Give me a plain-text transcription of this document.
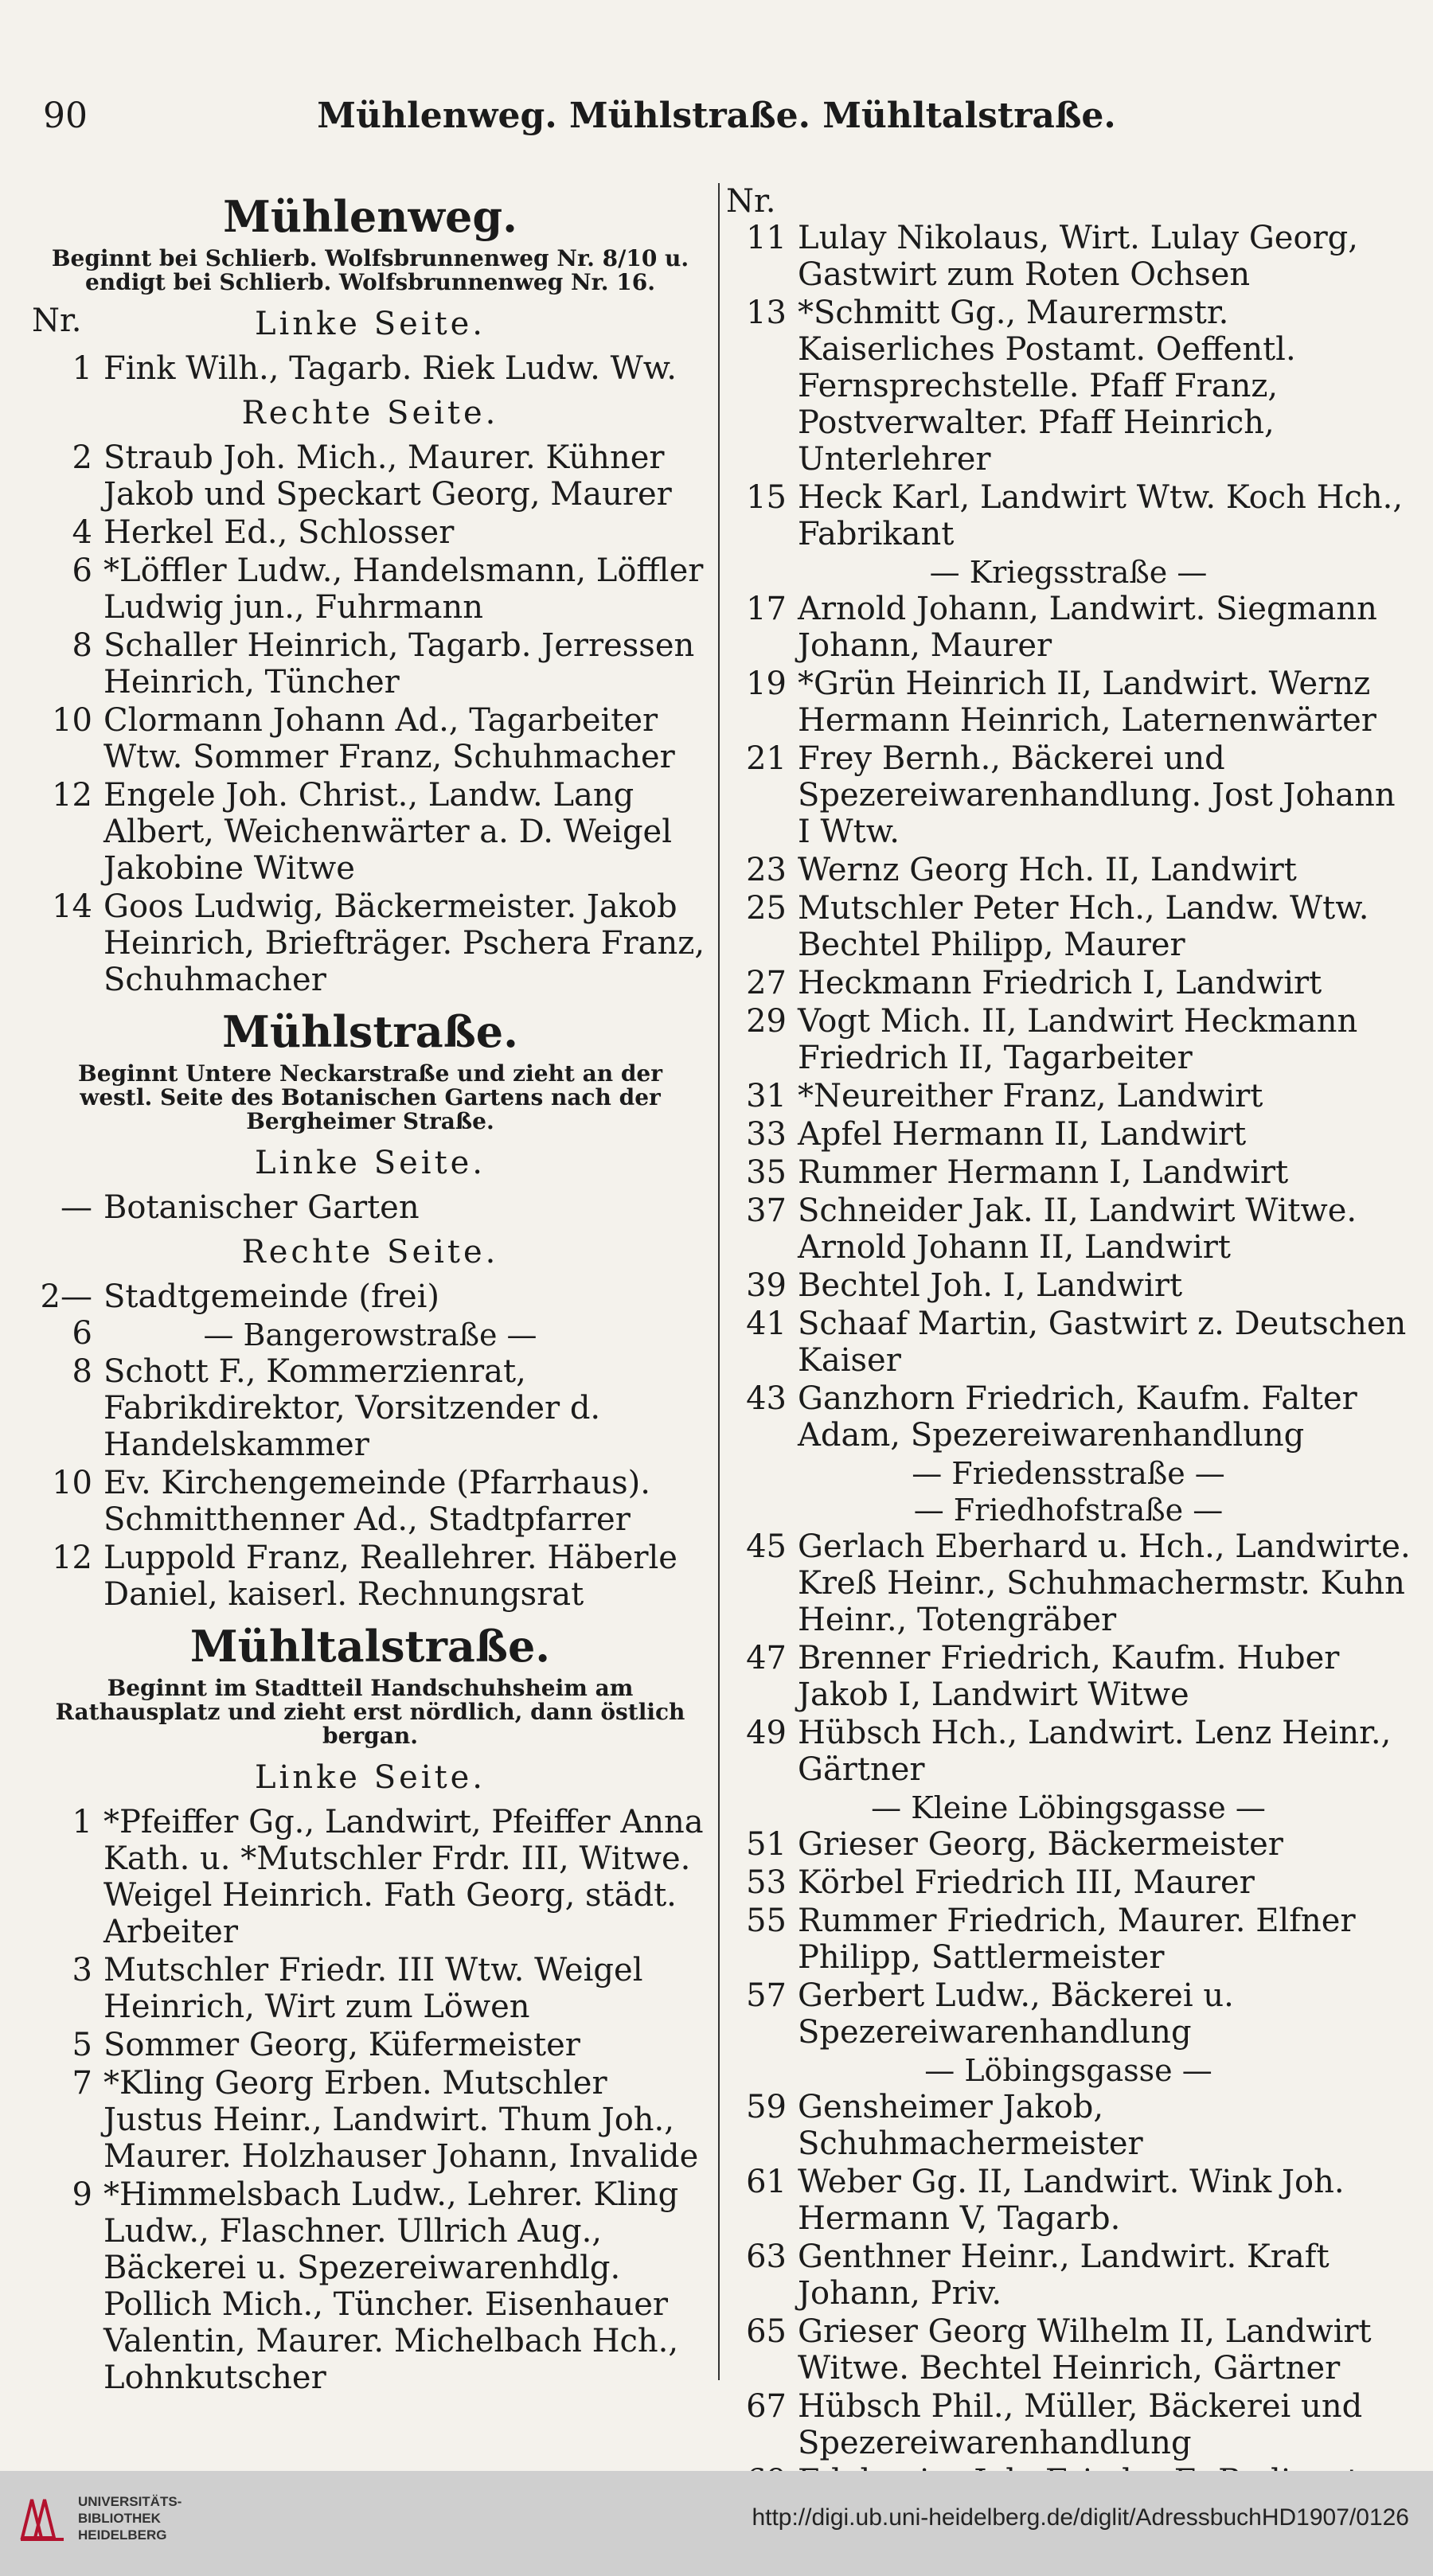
90	Mühlenweg. Mühlstraße. Mühltalstraße.
Mühlenweg.
Beginnt bei Schlierb. Wolfsbrunnenweg Nr. 8/10 u. endigt bei Schlierb. Wolfsbrunnenweg Nr. 16.
Nr.	Linke Seite.
1 Fink Wilh., Tagarb. Riek Ludw. Ww.
Rechte Seite.
2 Straub Joh. Mich., Maurer. Kühner Jakob und Speckart Georg, Maurer
4 Herkel Ed., Schlosser
6 *Löffler Ludw., Handelsmann, Löffler Ludwig jun., Fuhrmann
8 Schaller Heinrich, Tagarb. Jerressen Heinrich, Tüncher
10 Clormann Johann Ad., Tagarbeiter Wtw. Sommer Franz, Schuhmacher
12 Engele Joh. Christ., Landw. Lang Albert, Weichenwärter a. D. Weigel Jakobine Witwe
14 Goos Ludwig, Bäckermeister. Jakob Heinrich, Briefträger. Pschera Franz, Schuhmacher
Mühlstraße.
Beginnt Untere Neckarstraße und zieht an der westl. Seite des Botanischen Gartens nach der Bergheimer Straße.
Linke Seite.
— Botanischer Garten
Rechte Seite.
2—6
Stadtgemeinde (frei)
— Bangerowstraße —
8 Schott F., Kommerzienrat, Fabrikdirektor, Vorsitzender d. Handelskammer
10 Ev. Kirchengemeinde (Pfarrhaus). Schmitthenner Ad., Stadtpfarrer
12 Luppold Franz, Reallehrer. Häberle Daniel, kaiserl. Rechnungsrat
Mühltalstraße.
Beginnt im Stadtteil Handschuhsheim am Rathausplatz und zieht erst nördlich, dann östlich bergan.
Linke Seite.
1 *Pfeiffer Gg., Landwirt, Pfeiffer Anna Kath. u. *Mutschler Frdr. III, Witwe. Weigel Heinrich. Fath Georg, städt. Arbeiter
3 Mutschler Friedr. III Wtw. Weigel Heinrich, Wirt zum Löwen
5 Sommer Georg, Küfermeister
7 *Kling Georg Erben. Mutschler Justus Heinr., Landwirt. Thum Joh., Maurer. Holzhauser Johann, Invalide
9 *Himmelsbach Ludw., Lehrer. Kling Ludw., Flaschner. Ullrich Aug., Bäckerei u. Spezereiwarenhdlg. Pollich Mich., Tüncher. Eisenhauer Valentin, Maurer. Michelbach Hch., Lohnkutscher
Nr.
11 Lulay Nikolaus, Wirt. Lulay Georg, Gastwirt zum Roten Ochsen
13 *Schmitt Gg., Maurermstr. Kaiserliches Postamt. Oeffentl. Fernsprechstelle. Pfaff Franz, Postverwalter. Pfaff Heinrich, Unterlehrer
15 Heck Karl, Landwirt Wtw. Koch Hch., Fabrikant
— Kriegsstraße —
17 Arnold Johann, Landwirt. Siegmann Johann, Maurer
19 *Grün Heinrich II, Landwirt. Wernz Hermann Heinrich, Laternenwärter
21 Frey Bernh., Bäckerei und Spezereiwarenhandlung. Jost Johann I Wtw.
23 Wernz Georg Hch. II, Landwirt
25 Mutschler Peter Hch., Landw. Wtw. Bechtel Philipp, Maurer
27 Heckmann Friedrich I, Landwirt
29 Vogt Mich. II, Landwirt Heckmann Friedrich II, Tagarbeiter
31 *Neureither Franz, Landwirt
33 Apfel Hermann II, Landwirt
35 Rummer Hermann I, Landwirt
37 Schneider Jak. II, Landwirt Witwe. Arnold Johann II, Landwirt
39 Bechtel Joh. I, Landwirt
41 Schaaf Martin, Gastwirt z. Deutschen Kaiser
43 Ganzhorn Friedrich, Kaufm. Falter Adam, Spezereiwarenhandlung
— Friedensstraße —
— Friedhofstraße —
45 Gerlach Eberhard u. Hch., Landwirte. Kreß Heinr., Schuhmachermstr. Kuhn Heinr., Totengräber
47 Brenner Friedrich, Kaufm. Huber Jakob I, Landwirt Witwe
49 Hübsch Hch., Landwirt. Lenz Heinr., Gärtner
— Kleine Löbingsgasse —
51 Grieser Georg, Bäckermeister
53 Körbel Friedrich III, Maurer
55 Rummer Friedrich, Maurer. Elfner Philipp, Sattlermeister
57 Gerbert Ludw., Bäckerei u. Spezereiwarenhandlung
— Löbingsgasse —
59 Gensheimer Jakob, Schuhmachermeister
61 Weber Gg. II, Landwirt. Wink Joh. Hermann V, Tagarb.
63 Genthner Heinr., Landwirt. Kraft Johann, Priv.
65 Grieser Georg Wilhelm II, Landwirt Witwe. Bechtel Heinrich, Gärtner
67 Hübsch Phil., Müller, Bäckerei und Spezereiwarenhandlung
UNIVERSITÄTS-
BIBLIOTHEK
HEIDELBERG
http://digi.ub.uni-heidelberg.de/diglit/AdressbuchHD1907/0126
